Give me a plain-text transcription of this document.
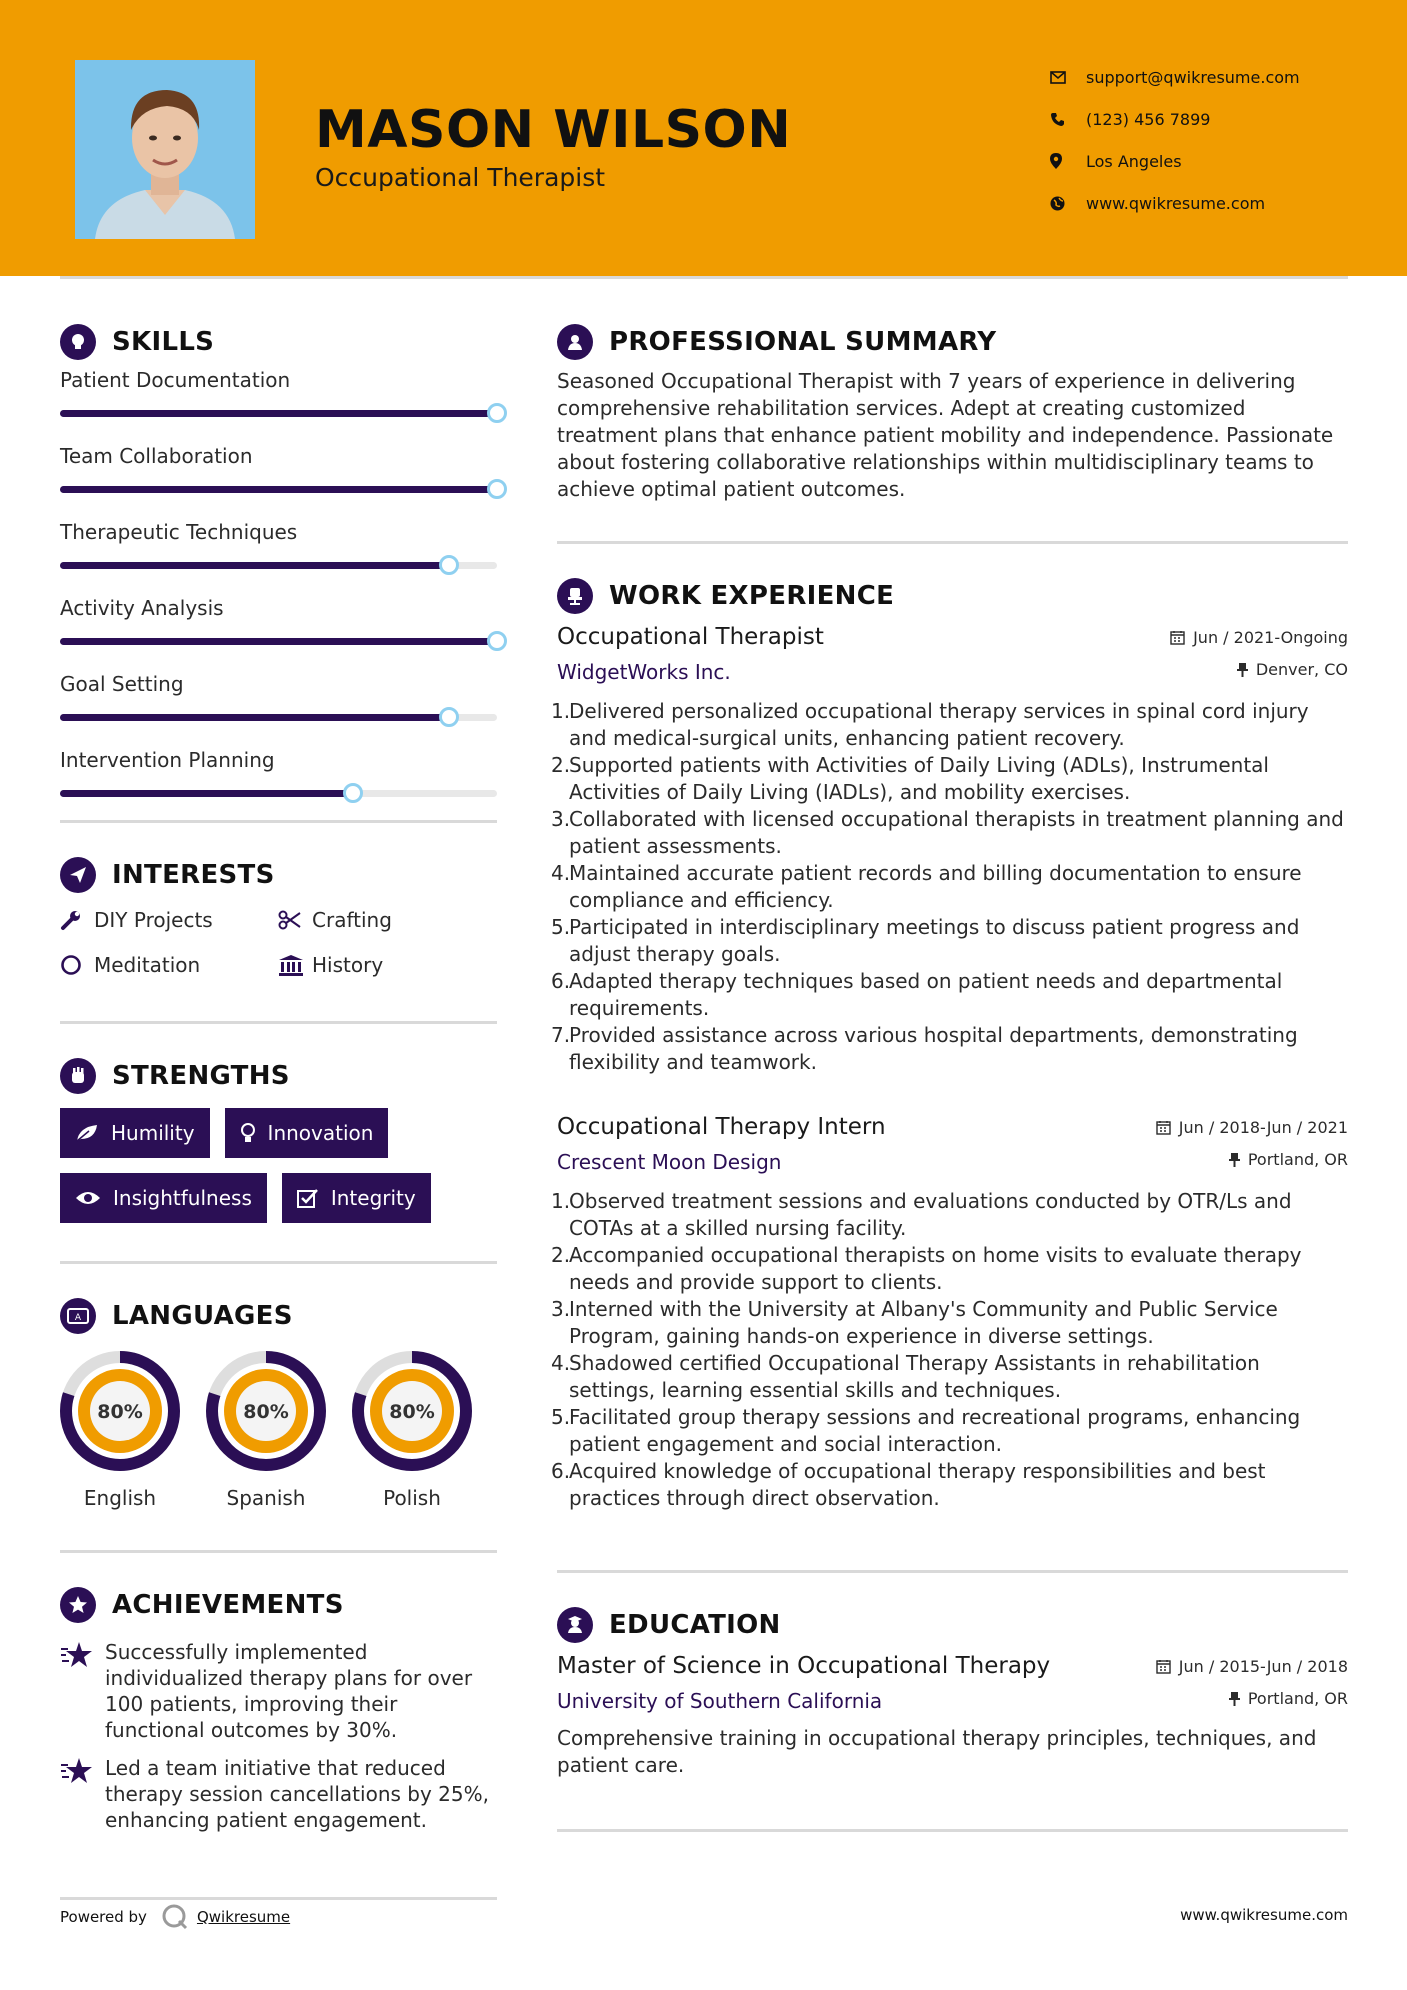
MASON WILSON
Occupational Therapist
support@qwikresume.com
(123) 456 7899
Los Angeles
www.qwikresume.com
SKILLS
Patient Documentation
Team Collaboration
Therapeutic Techniques
Activity Analysis
Goal Setting
Intervention Planning
INTERESTS
DIY Projects	Crafting
Meditation	History
STRENGTHS
Humility	Innovation
Insightfulness	Integrity
A LANGUAGES
80%
English
80%
Spanish
80%
Polish
ACHIEVEMENTS
Successfully implemented individualized therapy plans for over 100 patients, improving their functional outcomes by 30%.
Led a team initiative that reduced therapy session cancellations by 25%, enhancing patient engagement.
PROFESSIONAL SUMMARY
Seasoned Occupational Therapist with 7 years of experience in delivering comprehensive rehabilitation services. Adept at creating customized treatment plans that enhance patient mobility and independence. Passionate about fostering collaborative relationships within multidisciplinary teams to achieve optimal patient outcomes.
WORK EXPERIENCE
Occupational Therapist
WidgetWorks Inc.
Jun / 2021-Ongoing
Denver, CO
1.
Delivered personalized occupational therapy services in spinal cord injury and medical-surgical units, enhancing patient recovery.
2.
Supported patients with Activities of Daily Living (ADLs), Instrumental Activities of Daily Living (IADLs), and mobility exercises.
3.
Collaborated with licensed occupational therapists in treatment planning and patient assessments.
4.
Maintained accurate patient records and billing documentation to ensure compliance and efficiency.
5.
Participated in interdisciplinary meetings to discuss patient progress and adjust therapy goals.
6.
Adapted therapy techniques based on patient needs and departmental requirements.
7.
Provided assistance across various hospital departments, demonstrating flexibility and teamwork.
Occupational Therapy Intern
Crescent Moon Design
Jun / 2018-Jun / 2021
Portland, OR
1.
Observed treatment sessions and evaluations conducted by OTR/Ls and COTAs at a skilled nursing facility.
2.
Accompanied occupational therapists on home visits to evaluate therapy needs and provide support to clients.
3.
Interned with the University at Albany's Community and Public Service Program, gaining hands-on experience in diverse settings.
4.
Shadowed certified Occupational Therapy Assistants in rehabilitation settings, learning essential skills and techniques.
5.
Facilitated group therapy sessions and recreational programs, enhancing patient engagement and social interaction.
6.
Acquired knowledge of occupational therapy responsibilities and best practices through direct observation.
EDUCATION
Master of Science in Occupational Therapy
University of Southern California
Jun / 2015-Jun / 2018
Portland, OR
Comprehensive training in occupational therapy principles, techniques, and patient care.
Powered by	Qwikresume	www.qwikresume.com
